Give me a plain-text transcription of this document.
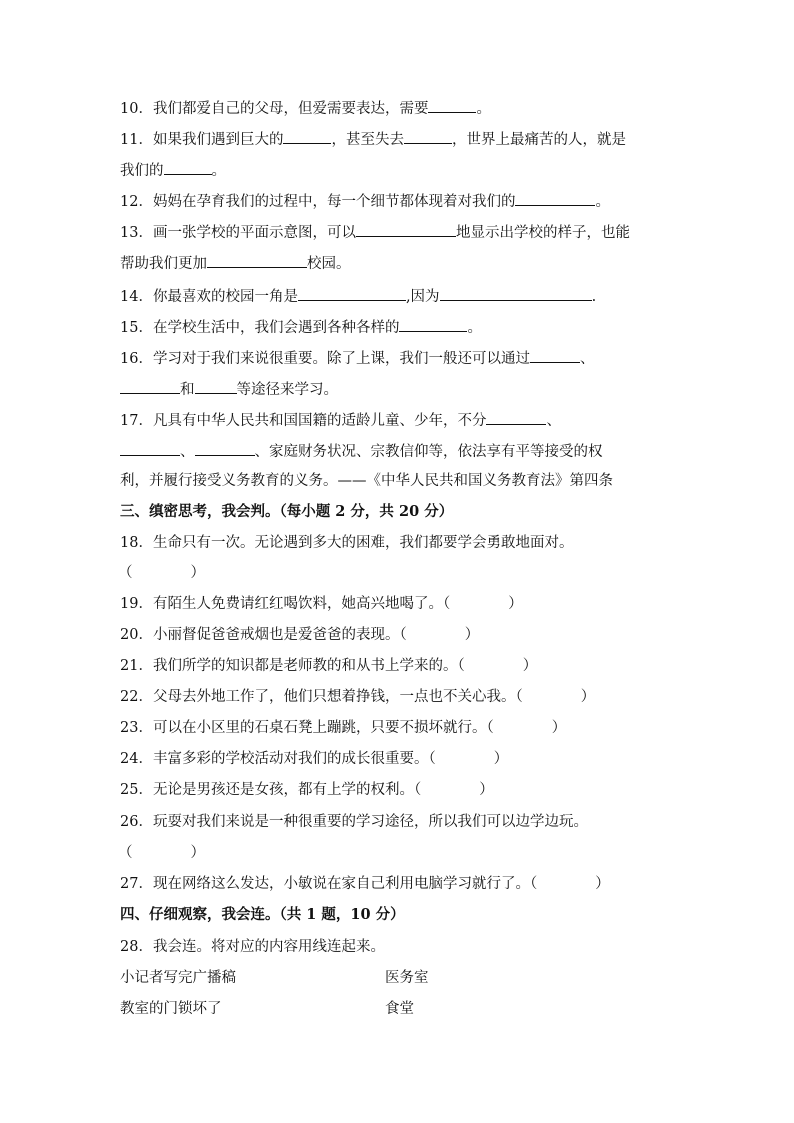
10．我们都爱自己的父母，但爱需要表达，需要	。
11．如果我们遇到巨大的	，甚至失去	，世界上最痛苦的人，就是
我们的	。
12．妈妈在孕育我们的过程中，每一个细节都体现着对我们的	。
13．画一张学校的平面示意图，可以	地显示出学校的样子，也能
帮助我们更加	校园。
14．你最喜欢的校园一角是	,因为	.
15．在学校生活中，我们会遇到各种各样的	。
16．学习对于我们来说很重要。除了上课，我们一般还可以通过	、
和	等途径来学习。
17．凡具有中华人民共和国国籍的适龄儿童、少年，不分	、
、	、家庭财务状况、宗教信仰等，依法享有平等接受的权
利，并履行接受义务教育的义务。——《中华人民共和国义务教育法》第四条
三、缜密思考，我会判。（每小题 2 分，共 20 分）
18．生命只有一次。无论遇到多大的困难，我们都要学会勇敢地面对。
（　　　　）
19．有陌生人免费请红红喝饮料，她高兴地喝了。（　　　　）
20．小丽督促爸爸戒烟也是爱爸爸的表现。（　　　　）
21．我们所学的知识都是老师教的和从书上学来的。（　　　　）
22．父母去外地工作了，他们只想着挣钱，一点也不关心我。（　　　　）
23．可以在小区里的石桌石凳上蹦跳，只要不损坏就行。（　　　　）
24．丰富多彩的学校活动对我们的成长很重要。（　　　　）
25．无论是男孩还是女孩，都有上学的权利。（　　　　）
26．玩耍对我们来说是一种很重要的学习途径，所以我们可以边学边玩。
（　　　　）
27．现在网络这么发达，小敏说在家自己利用电脑学习就行了。（　　　　）
四、仔细观察，我会连。（共 1 题，10 分）
28．我会连。将对应的内容用线连起来。
小记者写完广播稿	医务室
教室的门锁坏了	食堂
